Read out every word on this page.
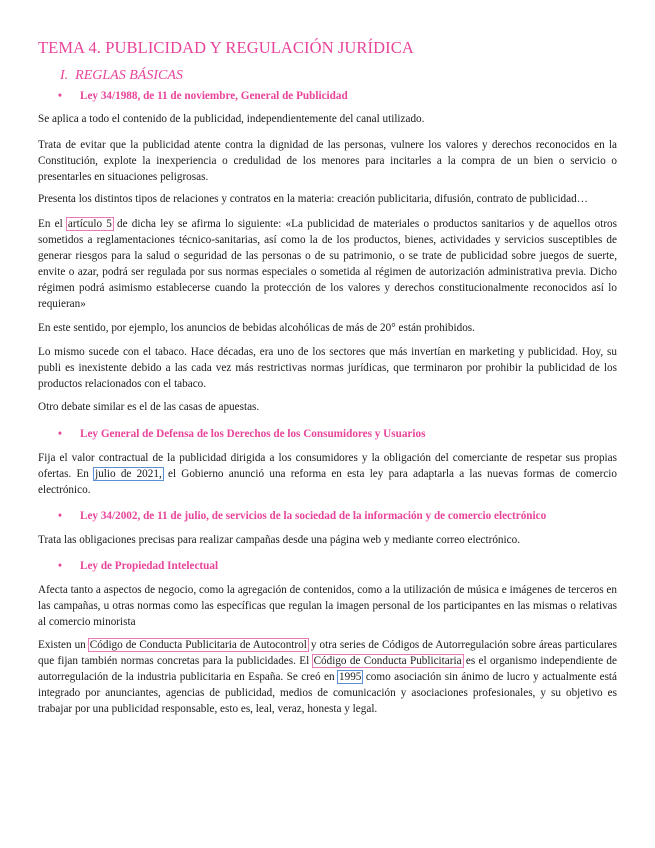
TEMA 4. PUBLICIDAD Y REGULACIÓN JURÍDICA
I.  REGLAS BÁSICAS
• Ley 34/1988, de 11 de noviembre, General de Publicidad

Se aplica a todo el contenido de la publicidad, independientemente del canal utilizado.

Trata de evitar que la publicidad atente contra la dignidad de las personas, vulnere los valores y derechos reconocidos en la Constitución, explote la inexperiencia o credulidad de los menores para incitarles a la compra de un bien o servicio o presentarles en situaciones peligrosas.

Presenta los distintos tipos de relaciones y contratos en la materia: creación publicitaria, difusión, contrato de publicidad…

En el artículo 5 de dicha ley se afirma lo siguiente: «La publicidad de materiales o productos sanitarios y de aquellos otros sometidos a reglamentaciones técnico-sanitarias, así como la de los productos, bienes, actividades y servicios susceptibles de generar riesgos para la salud o seguridad de las personas o de su patrimonio, o se trate de publicidad sobre juegos de suerte, envite o azar, podrá ser regulada por sus normas especiales o sometida al régimen de autorización administrativa previa. Dicho régimen podrá asimismo establecerse cuando la protección de los valores y derechos constitucionalmente reconocidos así lo requieran»

En este sentido, por ejemplo, los anuncios de bebidas alcohólicas de más de 20° están prohibidos.

Lo mismo sucede con el tabaco. Hace décadas, era uno de los sectores que más invertían en marketing y publicidad. Hoy, su publi es inexistente debido a las cada vez más restrictivas normas jurídicas, que terminaron por prohibir la publicidad de los productos relacionados con el tabaco.

Otro debate similar es el de las casas de apuestas.

• Ley General de Defensa de los Derechos de los Consumidores y Usuarios

Fija el valor contractual de la publicidad dirigida a los consumidores y la obligación del comerciante de respetar sus propias ofertas. En julio de 2021, el Gobierno anunció una reforma en esta ley para adaptarla a las nuevas formas de comercio electrónico.

• Ley 34/2002, de 11 de julio, de servicios de la sociedad de la información y de comercio electrónico

Trata las obligaciones precisas para realizar campañas desde una página web y mediante correo electrónico.

• Ley de Propiedad Intelectual

Afecta tanto a aspectos de negocio, como la agregación de contenidos, como a la utilización de música e imágenes de terceros en las campañas, u otras normas como las específicas que regulan la imagen personal de los participantes en las mismas o relativas al comercio minorista

Existen un Código de Conducta Publicitaria de Autocontrol y otra series de Códigos de Autorregulación sobre áreas particulares que fijan también normas concretas para la publicidades. El Código de Conducta Publicitaria es el organismo independiente de autorregulación de la industria publicitaria en España. Se creó en 1995 como asociación sin ánimo de lucro y actualmente está integrado por anunciantes, agencias de publicidad, medios de comunicación y asociaciones profesionales, y su objetivo es trabajar por una publicidad responsable, esto es, leal, veraz, honesta y legal.
